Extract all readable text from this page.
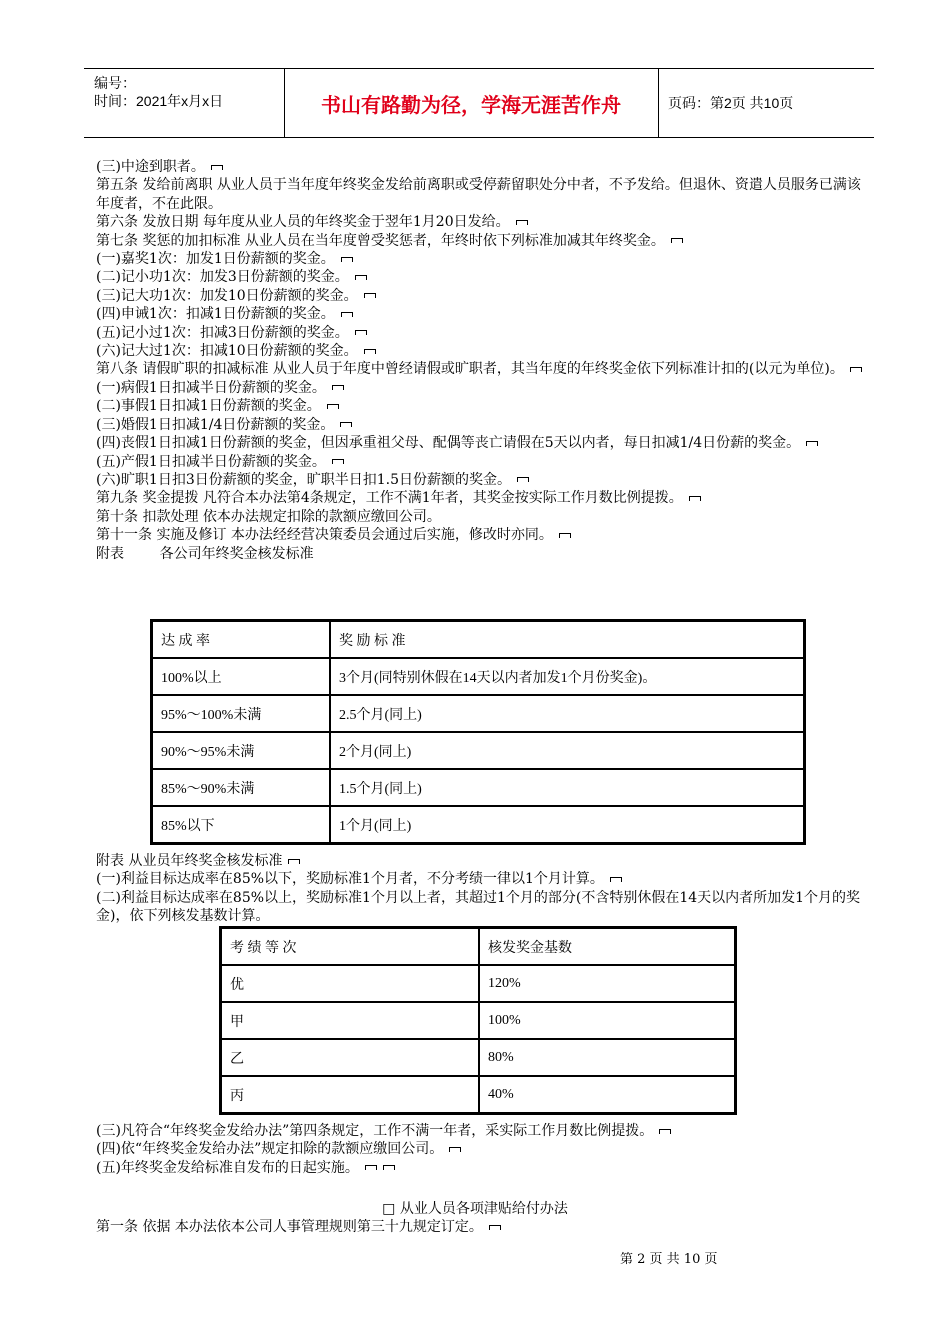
编号：
时间：2021年x月x日	书山有路勤为径，学海无涯苦作舟	页码：第2页 共10页
(三)中途到职者。
第五条 发给前离职 从业人员于当年度年终奖金发给前离职或受停薪留职处分中者，不予发给。但退休、资遣人员服务已满该年度者，不在此限。
第六条 发放日期 每年度从业人员的年终奖金于翌年1月20日发给。
第七条 奖惩的加扣标准 从业人员在当年度曾受奖惩者，年终时依下列标准加减其年终奖金。
(一)嘉奖1次：加发1日份薪额的奖金。
(二)记小功1次：加发3日份薪额的奖金。
(三)记大功1次：加发10日份薪额的奖金。
(四)申诫1次：扣减1日份薪额的奖金。
(五)记小过1次：扣减3日份薪额的奖金。
(六)记大过1次：扣减10日份薪额的奖金。
第八条 请假旷职的扣减标准 从业人员于年度中曾经请假或旷职者，其当年度的年终奖金依下列标准计扣的(以元为单位)。
(一)病假1日扣减半日份薪额的奖金。
(二)事假1日扣减1日份薪额的奖金。
(三)婚假1日扣减1/4日份薪额的奖金。
(四)丧假1日扣减1日份薪额的奖金，但因承重祖父母、配偶等丧亡请假在5天以内者，每日扣减1/4日份薪的奖金。
(五)产假1日扣减半日份薪额的奖金。
(六)旷职1日扣3日份薪额的奖金，旷职半日扣1.5日份薪额的奖金。
第九条 奖金提拨 凡符合本办法第4条规定，工作不满1年者，其奖金按实际工作月数比例提拨。
第十条 扣款处理 依本办法规定扣除的款额应缴回公司。
第十一条 实施及修订 本办法经经营决策委员会通过后实施，修改时亦同。
附表        各公司年终奖金核发标准
达 成 率	奖 励 标 准
100%以上	3个月(同特别休假在14天以内者加发1个月份奖金)。
95%～100%未满	2.5个月(同上)
90%～95%未满	2个月(同上)
85%～90%未满	1.5个月(同上)
85%以下	1个月(同上)
附表 从业员年终奖金核发标准
(一)利益目标达成率在85%以下，奖励标准1个月者，不分考绩一律以1个月计算。
(二)利益目标达成率在85%以上，奖励标准1个月以上者，其超过1个月的部分(不含特别休假在14天以内者所加发1个月的奖金)，依下列核发基数计算。
考 绩 等 次	核发奖金基数
优	120%
甲	100%
乙	80%
丙	40%
(三)凡符合“年终奖金发给办法”第四条规定，工作不满一年者，采实际工作月数比例提拨。
(四)依“年终奖金发给办法”规定扣除的款额应缴回公司。
(五)年终奖金发给标准自发布的日起实施。
□ 从业人员各项津贴给付办法
第一条 依据 本办法依本公司人事管理规则第三十九规定订定。
第 2 页 共 10 页
